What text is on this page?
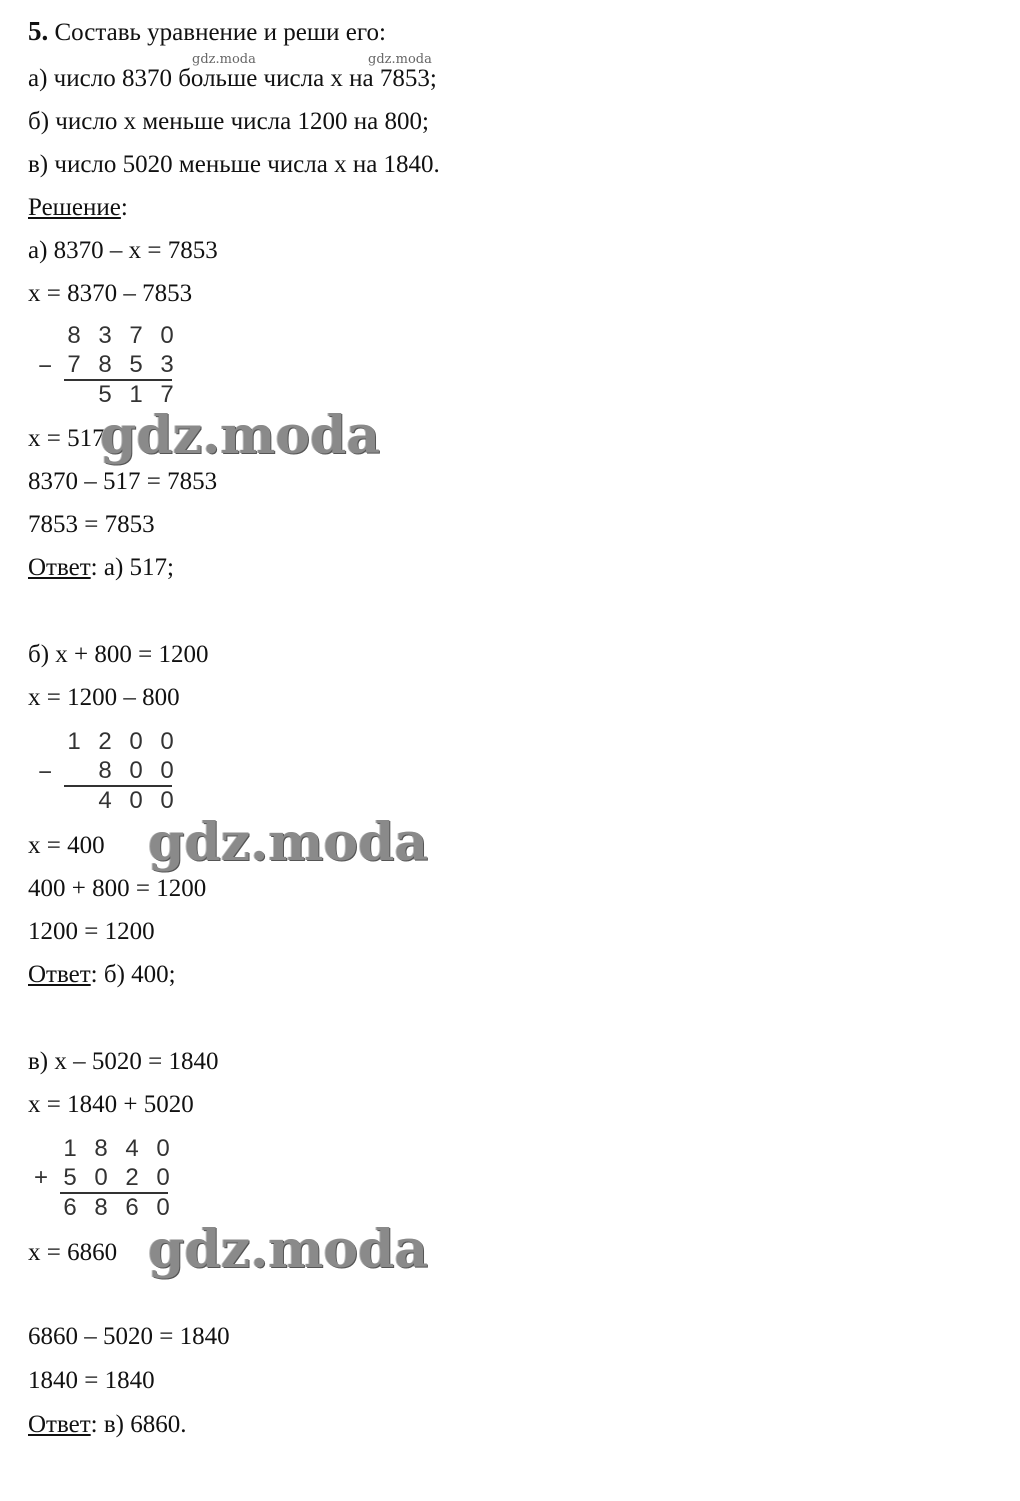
5. Составь уравнение и реши его:
а) число 8370 больше числа х на 7853;
б) число х меньше числа 1200 на 800;
в) число 5020 меньше числа х на 1840.
Решение:
а) 8370 – х = 7853
х = 8370 – 7853
8 3 7 0
− 7 8 5 3
5 1 7
х = 517
8370 – 517 = 7853
7853 = 7853
Ответ: а) 517;
б) х + 800 = 1200
х = 1200 – 800
1 2 0 0
− 8 0 0
4 0 0
х = 400
400 + 800 = 1200
1200 = 1200
Ответ: б) 400;
в) х – 5020 = 1840
х = 1840 + 5020
1 8 4 0
+ 5 0 2 0
6 8 6 0
х = 6860
6860 – 5020 = 1840
1840 = 1840
Ответ: в) 6860.
gdz.moda	gdz.moda
gdz.moda
gdz.moda
gdz.moda
